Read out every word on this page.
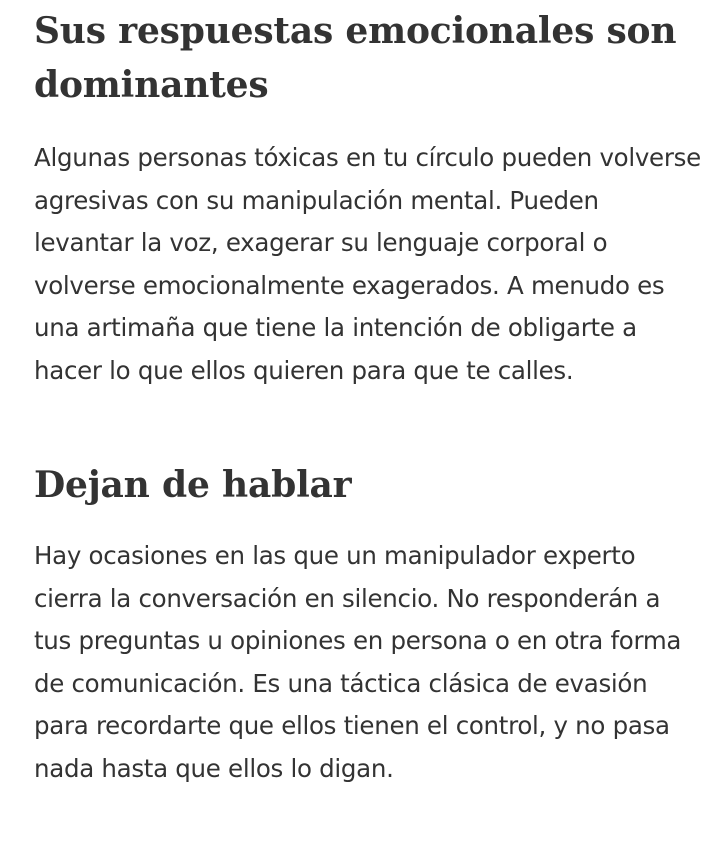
Sus respuestas emocionales son dominantes

Algunas personas tóxicas en tu círculo pueden volverse agresivas con su manipulación mental. Pueden levantar la voz, exagerar su lenguaje corporal o volverse emocionalmente exagerados. A menudo es una artimaña que tiene la intención de obligarte a hacer lo que ellos quieren para que te calles.

Dejan de hablar

Hay ocasiones en las que un manipulador experto cierra la conversación en silencio. No responderán a tus preguntas u opiniones en persona o en otra forma de comunicación. Es una táctica clásica de evasión para recordarte que ellos tienen el control, y no pasa nada hasta que ellos lo digan.
